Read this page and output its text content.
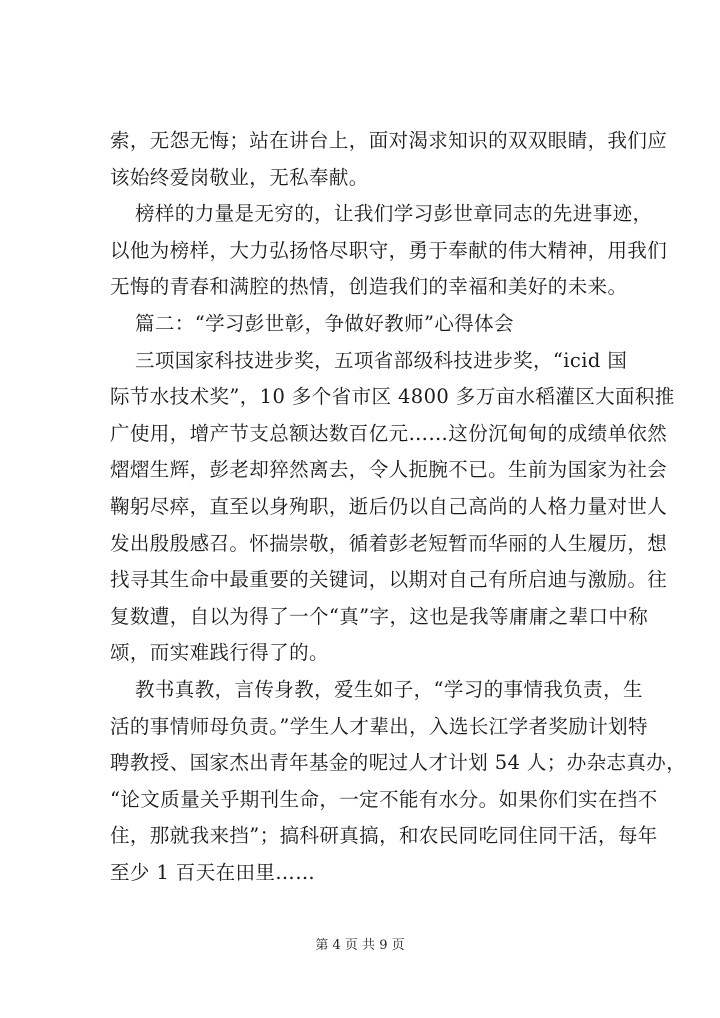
索，无怨无悔；站在讲台上，面对渴求知识的双双眼睛，我们应
该始终爱岗敬业，无私奉献。
榜样的力量是无穷的，让我们学习彭世章同志的先进事迹，
以他为榜样，大力弘扬恪尽职守，勇于奉献的伟大精神，用我们
无悔的青春和满腔的热情，创造我们的幸福和美好的未来。
篇二：“学习彭世彰，争做好教师”心得体会
三项国家科技进步奖，五项省部级科技进步奖，“icid 国
际节水技术奖”，10 多个省市区 4800 多万亩水稻灌区大面积推
广使用，增产节支总额达数百亿元……这份沉甸甸的成绩单依然
熠熠生辉，彭老却猝然离去，令人扼腕不已。生前为国家为社会
鞠躬尽瘁，直至以身殉职，逝后仍以自己高尚的人格力量对世人
发出殷殷感召。怀揣崇敬，循着彭老短暂而华丽的人生履历，想
找寻其生命中最重要的关键词，以期对自己有所启迪与激励。往
复数遭，自以为得了一个“真”字，这也是我等庸庸之辈口中称
颂，而实难践行得了的。
教书真教，言传身教，爱生如子，“学习的事情我负责，生
活的事情师母负责。”学生人才辈出，入选长江学者奖励计划特
聘教授、国家杰出青年基金的呢过人才计划 54 人；办杂志真办，
“论文质量关乎期刊生命，一定不能有水分。如果你们实在挡不
住，那就我来挡”；搞科研真搞，和农民同吃同住同干活，每年
至少 1 百天在田里……
第 4 页 共 9 页
